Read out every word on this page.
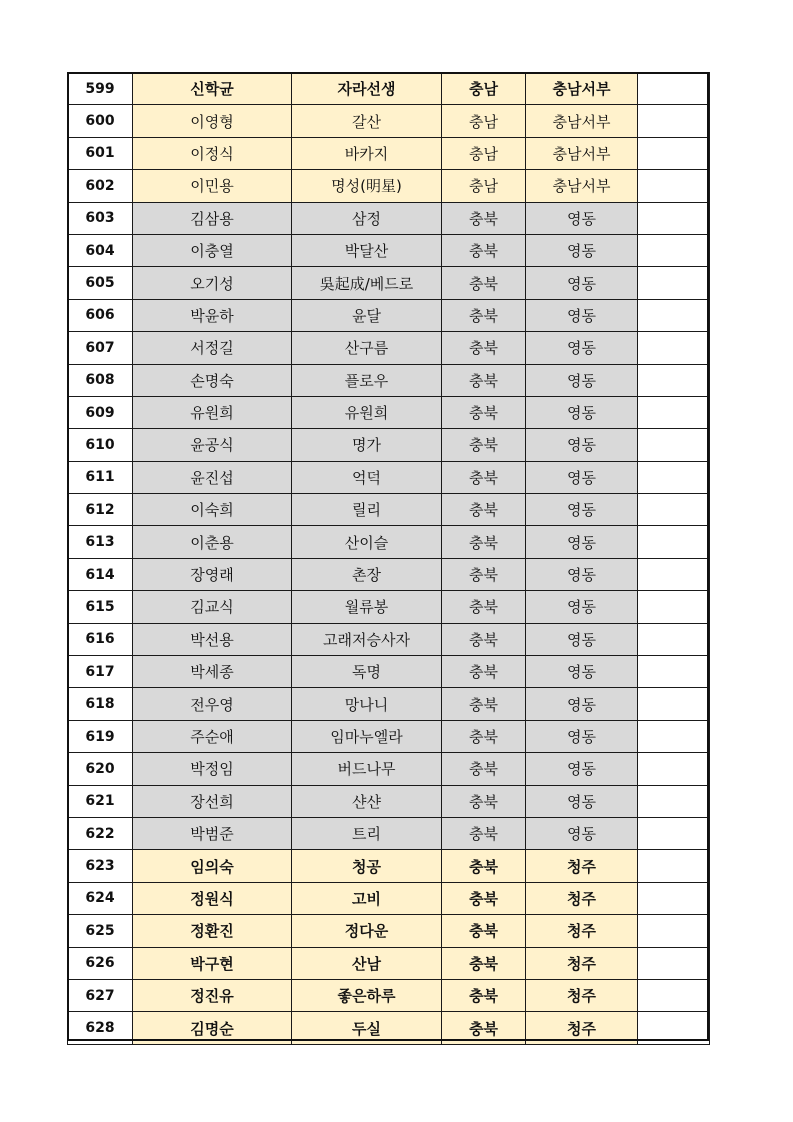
599	신학균	자라선생	충남	충남서부	
600	이영형	갈산	충남	충남서부	
601	이정식	바카지	충남	충남서부	
602	이민용	명성(明星)	충남	충남서부	
603	김삼용	삼정	충북	영동	
604	이충열	박달산	충북	영동	
605	오기성	吳起成/베드로	충북	영동	
606	박윤하	윤달	충북	영동	
607	서정길	산구름	충북	영동	
608	손명숙	플로우	충북	영동	
609	유원희	유원희	충북	영동	
610	윤공식	명가	충북	영동	
611	윤진섭	억덕	충북	영동	
612	이숙희	릴리	충북	영동	
613	이춘용	산이슬	충북	영동	
614	장영래	촌장	충북	영동	
615	김교식	월류봉	충북	영동	
616	박선용	고래저승사자	충북	영동	
617	박세종	독명	충북	영동	
618	전우영	망나니	충북	영동	
619	주순애	임마누엘라	충북	영동	
620	박정임	버드나무	충북	영동	
621	장선희	샨샨	충북	영동	
622	박범준	트리	충북	영동	
623	임의숙	청공	충북	청주	
624	정원식	고비	충북	청주	
625	정환진	정다운	충북	청주	
626	박구현	산남	충북	청주	
627	정진유	좋은하루	충북	청주	
628	김명순	두실	충북	청주	
